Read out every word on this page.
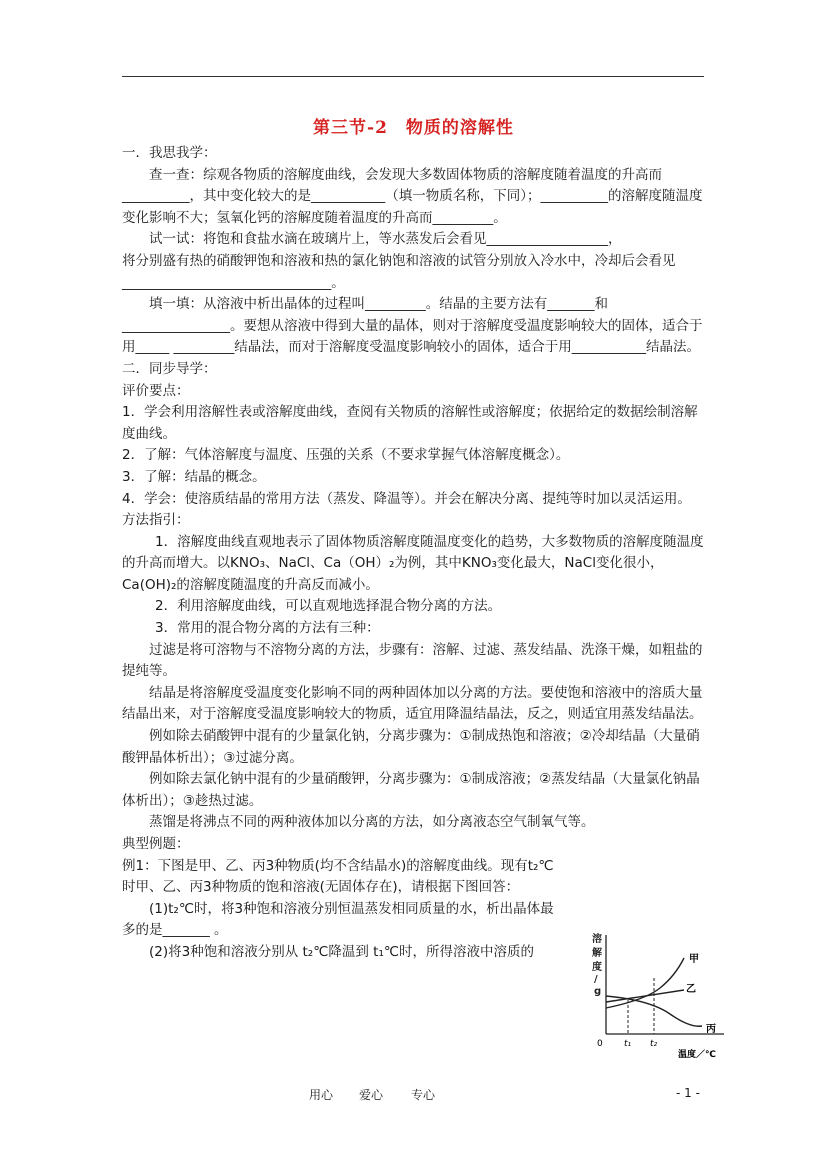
第三节-2　物质的溶解性

一．我思我学：

查一查：综观各物质的溶解度曲线，会发现大多数固体物质的溶解度随着温度的升高而__________，其中变化较大的是___________（填一物质名称，下同）；__________的溶解度随温度变化影响不大；氢氧化钙的溶解度随着温度的升高而_________。

试一试：将饱和食盐水滴在玻璃片上，等水蒸发后会看见__________________，

将分别盛有热的硝酸钾饱和溶液和热的氯化钠饱和溶液的试管分别放入冷水中，冷却后会看见_______________________________。

填一填：从溶液中析出晶体的过程叫_________。结晶的主要方法有_______和________________。要想从溶液中得到大量的晶体，则对于溶解度受温度影响较大的固体，适合于用_____ _________结晶法，而对于溶解度受温度影响较小的固体，适合于用___________结晶法。

二．同步导学：

评价要点：

1．学会利用溶解性表或溶解度曲线，查阅有关物质的溶解性或溶解度；依据给定的数据绘制溶解度曲线。

2．了解：气体溶解度与温度、压强的关系（不要求掌握气体溶解度概念）。

3．了解：结晶的概念。

4．学会：使溶质结晶的常用方法（蒸发、降温等）。并会在解决分离、提纯等时加以灵活运用。

方法指引：

1．溶解度曲线直观地表示了固体物质溶解度随温度变化的趋势，大多数物质的溶解度随温度的升高而增大。以KNO₃、NaCl、Ca（OH）₂为例，其中KNO₃变化最大，NaCl变化很小，Ca(OH)₂的溶解度随温度的升高反而减小。

2．利用溶解度曲线，可以直观地选择混合物分离的方法。

3．常用的混合物分离的方法有三种：

过滤是将可溶物与不溶物分离的方法，步骤有：溶解、过滤、蒸发结晶、洗涤干燥，如粗盐的提纯等。

结晶是将溶解度受温度变化影响不同的两种固体加以分离的方法。要使饱和溶液中的溶质大量结晶出来，对于溶解度受温度影响较大的物质，适宜用降温结晶法，反之，则适宜用蒸发结晶法。

例如除去硝酸钾中混有的少量氯化钠，分离步骤为：①制成热饱和溶液；②冷却结晶（大量硝酸钾晶体析出）；③过滤分离。

例如除去氯化钠中混有的少量硝酸钾，分离步骤为：①制成溶液；②蒸发结晶（大量氯化钠晶体析出）；③趁热过滤。

蒸馏是将沸点不同的两种液体加以分离的方法，如分离液态空气制氧气等。

典型例题：

例1：下图是甲、乙、丙3种物质(均不含结晶水)的溶解度曲线。现有t₂℃时甲、乙、丙3种物质的饱和溶液(无固体存在)，请根据下图回答：

(1)t₂℃时，将3种饱和溶液分别恒温蒸发相同质量的水，析出晶体最多的是_______ 。

(2)将3种饱和溶液分别从 t₂℃降温到 t₁℃时，所得溶液中溶质的

溶
解
度
/
g
甲
乙
丙
0 t₁ t₂
温度／℃
用心 爱心 专心	- 1 -
